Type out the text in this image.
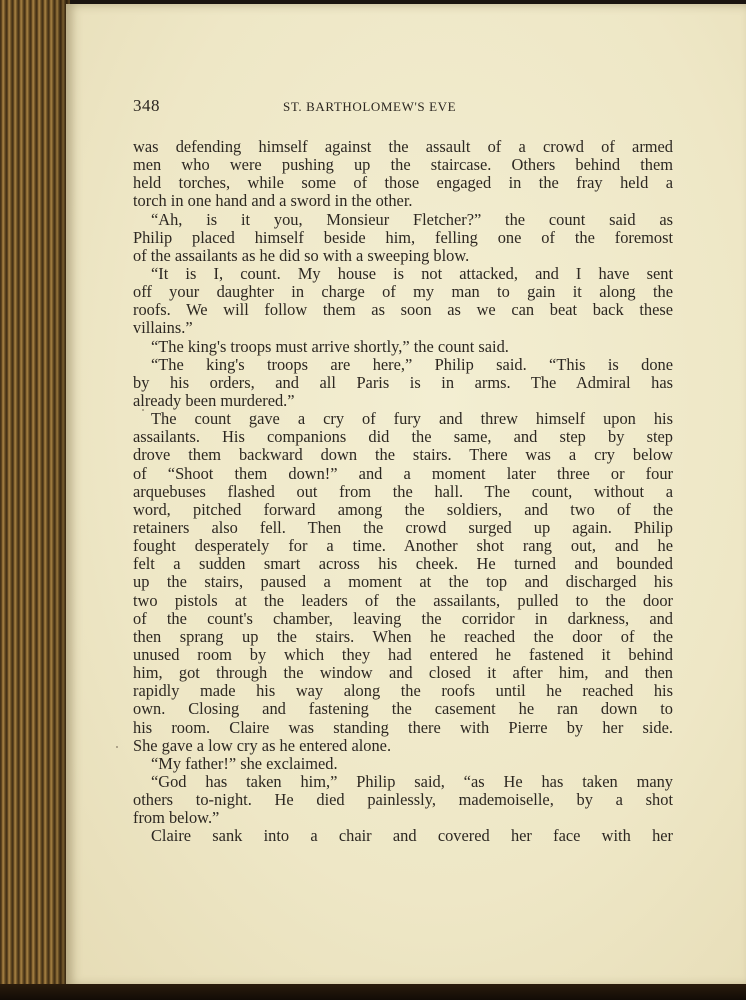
348	ST. BARTHOLOMEW'S EVE
was defending himself against the assault of a crowd of armed
men who were pushing up the staircase. Others behind them
held torches, while some of those engaged in the fray held a
torch in one hand and a sword in the other.
“Ah, is it you, Monsieur Fletcher?” the count said as
Philip placed himself beside him, felling one of the foremost
of the assailants as he did so with a sweeping blow.
“It is I, count. My house is not attacked, and I have sent
off your daughter in charge of my man to gain it along the
roofs. We will follow them as soon as we can beat back these
villains.”
“The king's troops must arrive shortly,” the count said.
“The king's troops are here,” Philip said. “This is done
by his orders, and all Paris is in arms. The Admiral has
already been murdered.”
The count gave a cry of fury and threw himself upon his
assailants. His companions did the same, and step by step
drove them backward down the stairs. There was a cry below
of “Shoot them down!” and a moment later three or four
arquebuses flashed out from the hall. The count, without a
word, pitched forward among the soldiers, and two of the
retainers also fell. Then the crowd surged up again. Philip
fought desperately for a time. Another shot rang out, and he
felt a sudden smart across his cheek. He turned and bounded
up the stairs, paused a moment at the top and discharged his
two pistols at the leaders of the assailants, pulled to the door
of the count's chamber, leaving the corridor in darkness, and
then sprang up the stairs. When he reached the door of the
unused room by which they had entered he fastened it behind
him, got through the window and closed it after him, and then
rapidly made his way along the roofs until he reached his
own. Closing and fastening the casement he ran down to
his room. Claire was standing there with Pierre by her side.
She gave a low cry as he entered alone.
“My father!” she exclaimed.
“God has taken him,” Philip said, “as He has taken many
others to-night. He died painlessly, mademoiselle, by a shot
from below.”
Claire sank into a chair and covered her face with her
